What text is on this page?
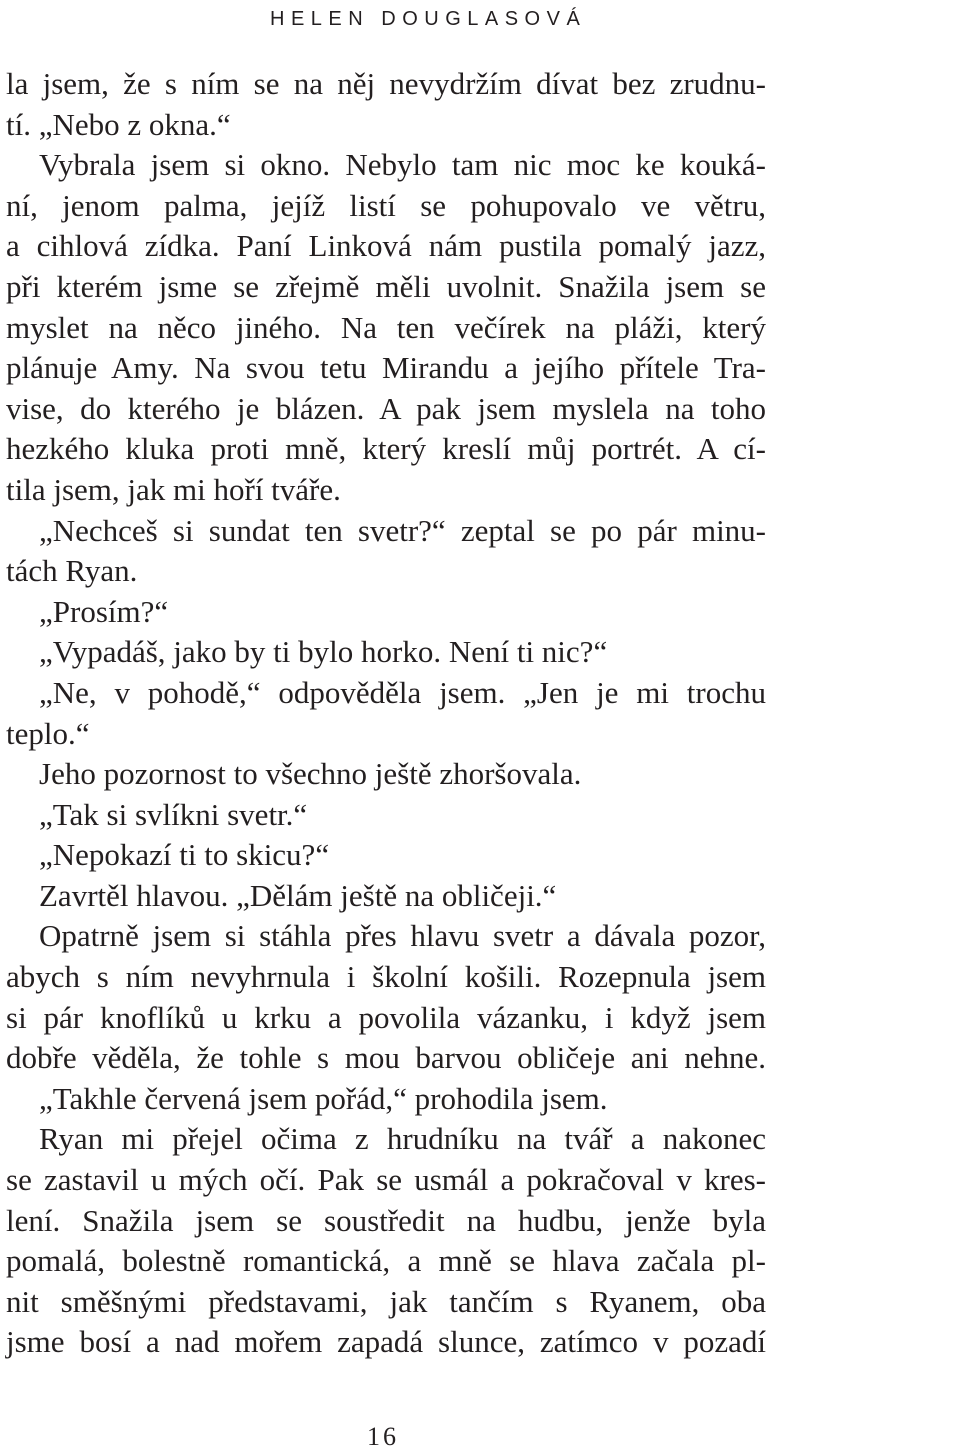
HELEN DOUGLASOVÁ
la jsem, že s ním se na něj nevydržím dívat bez zrudnu-
tí. „Nebo z okna.“
Vybrala jsem si okno. Nebylo tam nic moc ke kouká-
ní, jenom palma, jejíž listí se pohupovalo ve větru,
a cihlová zídka. Paní Linková nám pustila pomalý jazz,
při kterém jsme se zřejmě měli uvolnit. Snažila jsem se
myslet na něco jiného. Na ten večírek na pláži, který
plánuje Amy. Na svou tetu Mirandu a jejího přítele Tra-
vise, do kterého je blázen. A pak jsem myslela na toho
hezkého kluka proti mně, který kreslí můj portrét. A cí-
tila jsem, jak mi hoří tváře.
„Nechceš si sundat ten svetr?“ zeptal se po pár minu-
tách Ryan.
„Prosím?“
„Vypadáš, jako by ti bylo horko. Není ti nic?“
„Ne, v pohodě,“ odpověděla jsem. „Jen je mi trochu
teplo.“
Jeho pozornost to všechno ještě zhoršovala.
„Tak si svlíkni svetr.“
„Nepokazí ti to skicu?“
Zavrtěl hlavou. „Dělám ještě na obličeji.“
Opatrně jsem si stáhla přes hlavu svetr a dávala pozor,
abych s ním nevyhrnula i školní košili. Rozepnula jsem
si pár knoflíků u krku a povolila vázanku, i když jsem
dobře věděla, že tohle s mou barvou obličeje ani nehne.
„Takhle červená jsem pořád,“ prohodila jsem.
Ryan mi přejel očima z hrudníku na tvář a nakonec
se zastavil u mých očí. Pak se usmál a pokračoval v kres-
lení. Snažila jsem se soustředit na hudbu, jenže byla
pomalá, bolestně romantická, a mně se hlava začala pl-
nit směšnými představami, jak tančím s Ryanem, oba
jsme bosí a nad mořem zapadá slunce, zatímco v pozadí
16
